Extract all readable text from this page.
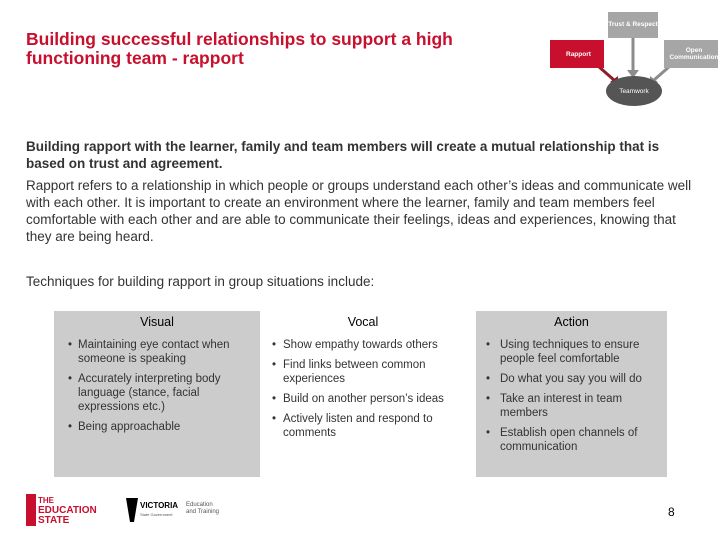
Building successful relationships to support a high functioning team - rapport
Trust & Respect
Rapport	Open Communication
Teamwork
Building rapport with the learner, family and team members will create a mutual relationship that is based on trust and agreement.
Rapport refers to a relationship in which people or groups understand each other’s ideas and communicate well with each other. It is important to create an environment where the learner, family and team members feel comfortable with each other and are able to communicate their feelings, ideas and experiences, knowing that they are being heard.
Techniques for building rapport in group situations include:
Visual
• Maintaining eye contact when someone is speaking
• Accurately interpreting body language (stance, facial expressions etc.)
• Being approachable
Vocal
• Show empathy towards others
• Find links between common experiences
• Build on another person’s ideas
• Actively listen and respond to comments
Action
• Using techniques to ensure people feel comfortable
• Do what you say you will do
• Take an interest in team members
• Establish open channels of communication
THE
EDUCATION
STATE
VICTORIA
State Government
Education
and Training	8
